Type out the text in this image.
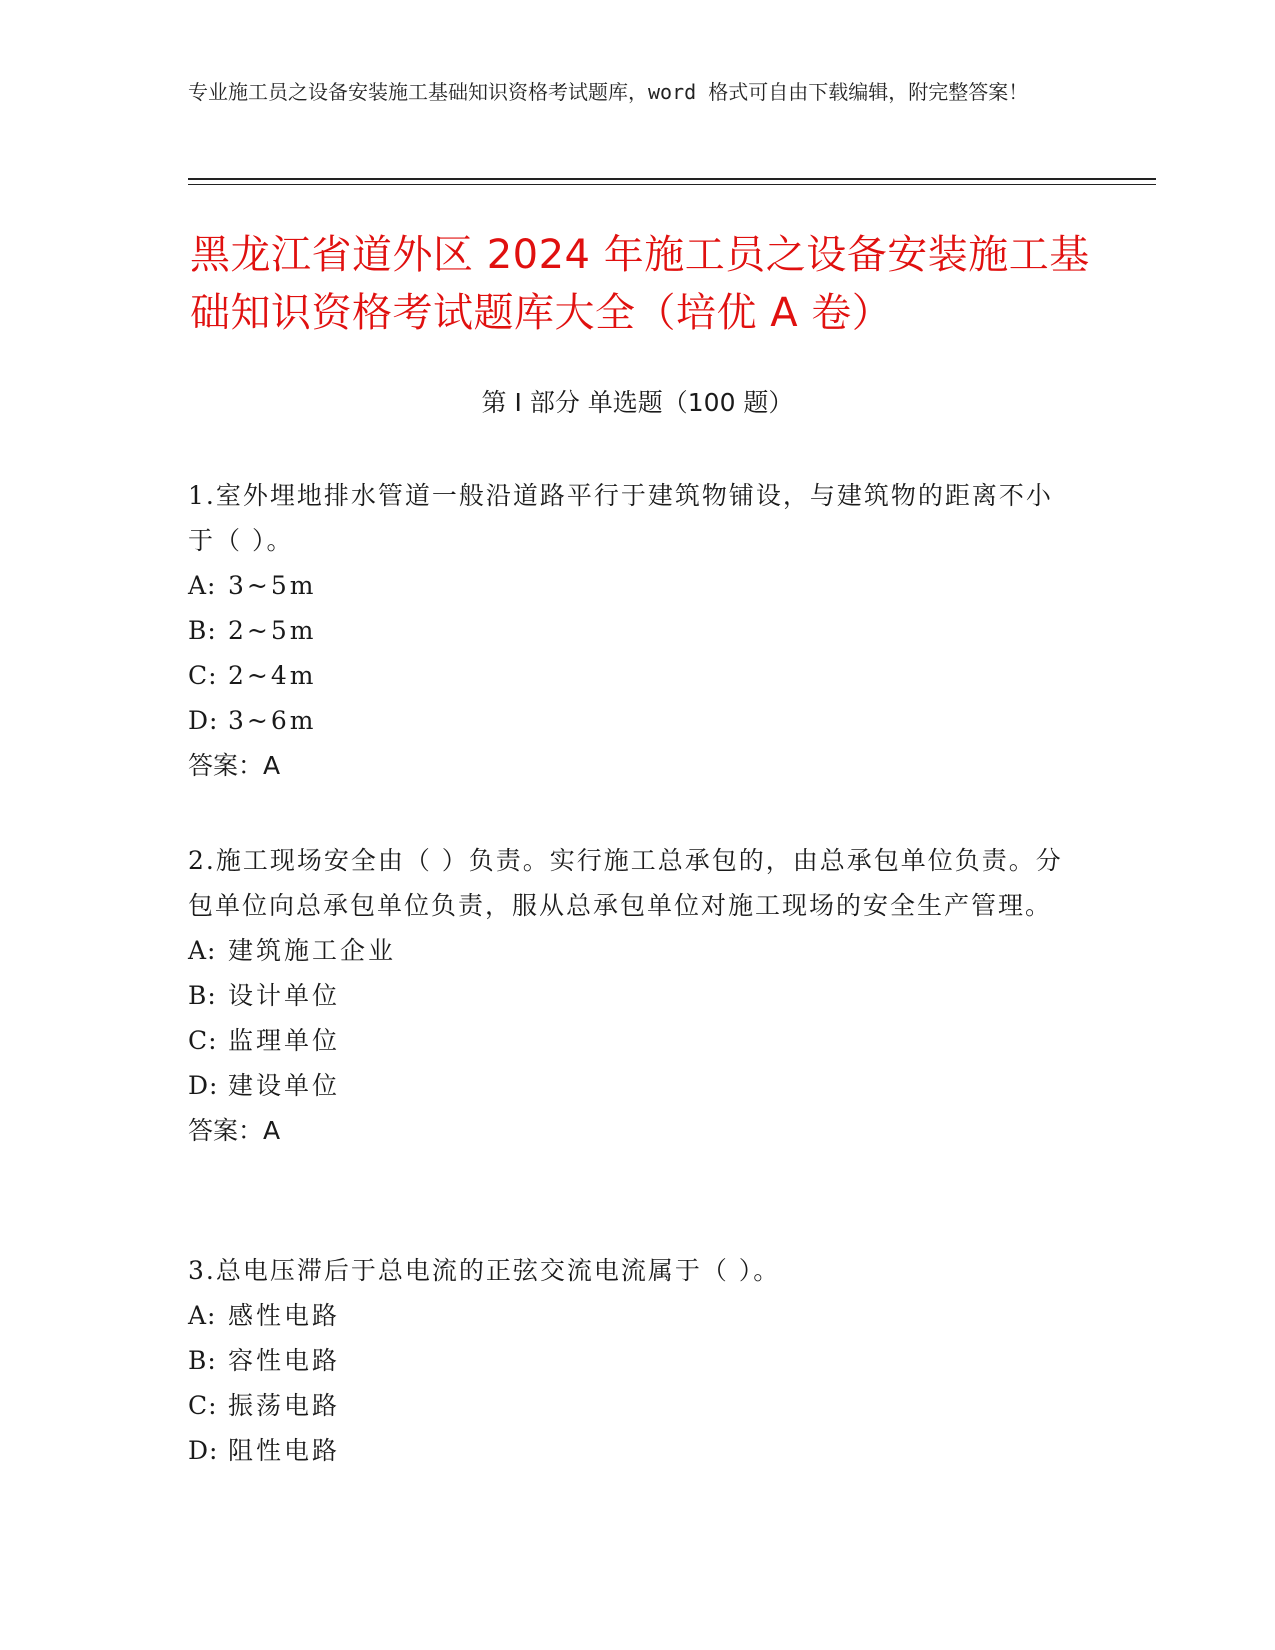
专业施工员之设备安装施工基础知识资格考试题库，word 格式可自由下载编辑，附完整答案！
黑龙江省道外区 2024 年施工员之设备安装施工基础知识资格考试题库大全（培优 A 卷）
第 I 部分 单选题（100 题）

1.室外埋地排水管道一般沿道路平行于建筑物铺设，与建筑物的距离不小于（ ）。

A: 3~5m

B: 2~5m

C: 2~4m

D: 3~6m

答案：A

2.施工现场安全由（ ）负责。实行施工总承包的，由总承包单位负责。分包单位向总承包单位负责，服从总承包单位对施工现场的安全生产管理。

A: 建筑施工企业

B: 设计单位

C: 监理单位

D: 建设单位

答案：A

3.总电压滞后于总电流的正弦交流电流属于（ ）。

A: 感性电路

B: 容性电路

C: 振荡电路

D: 阻性电路
